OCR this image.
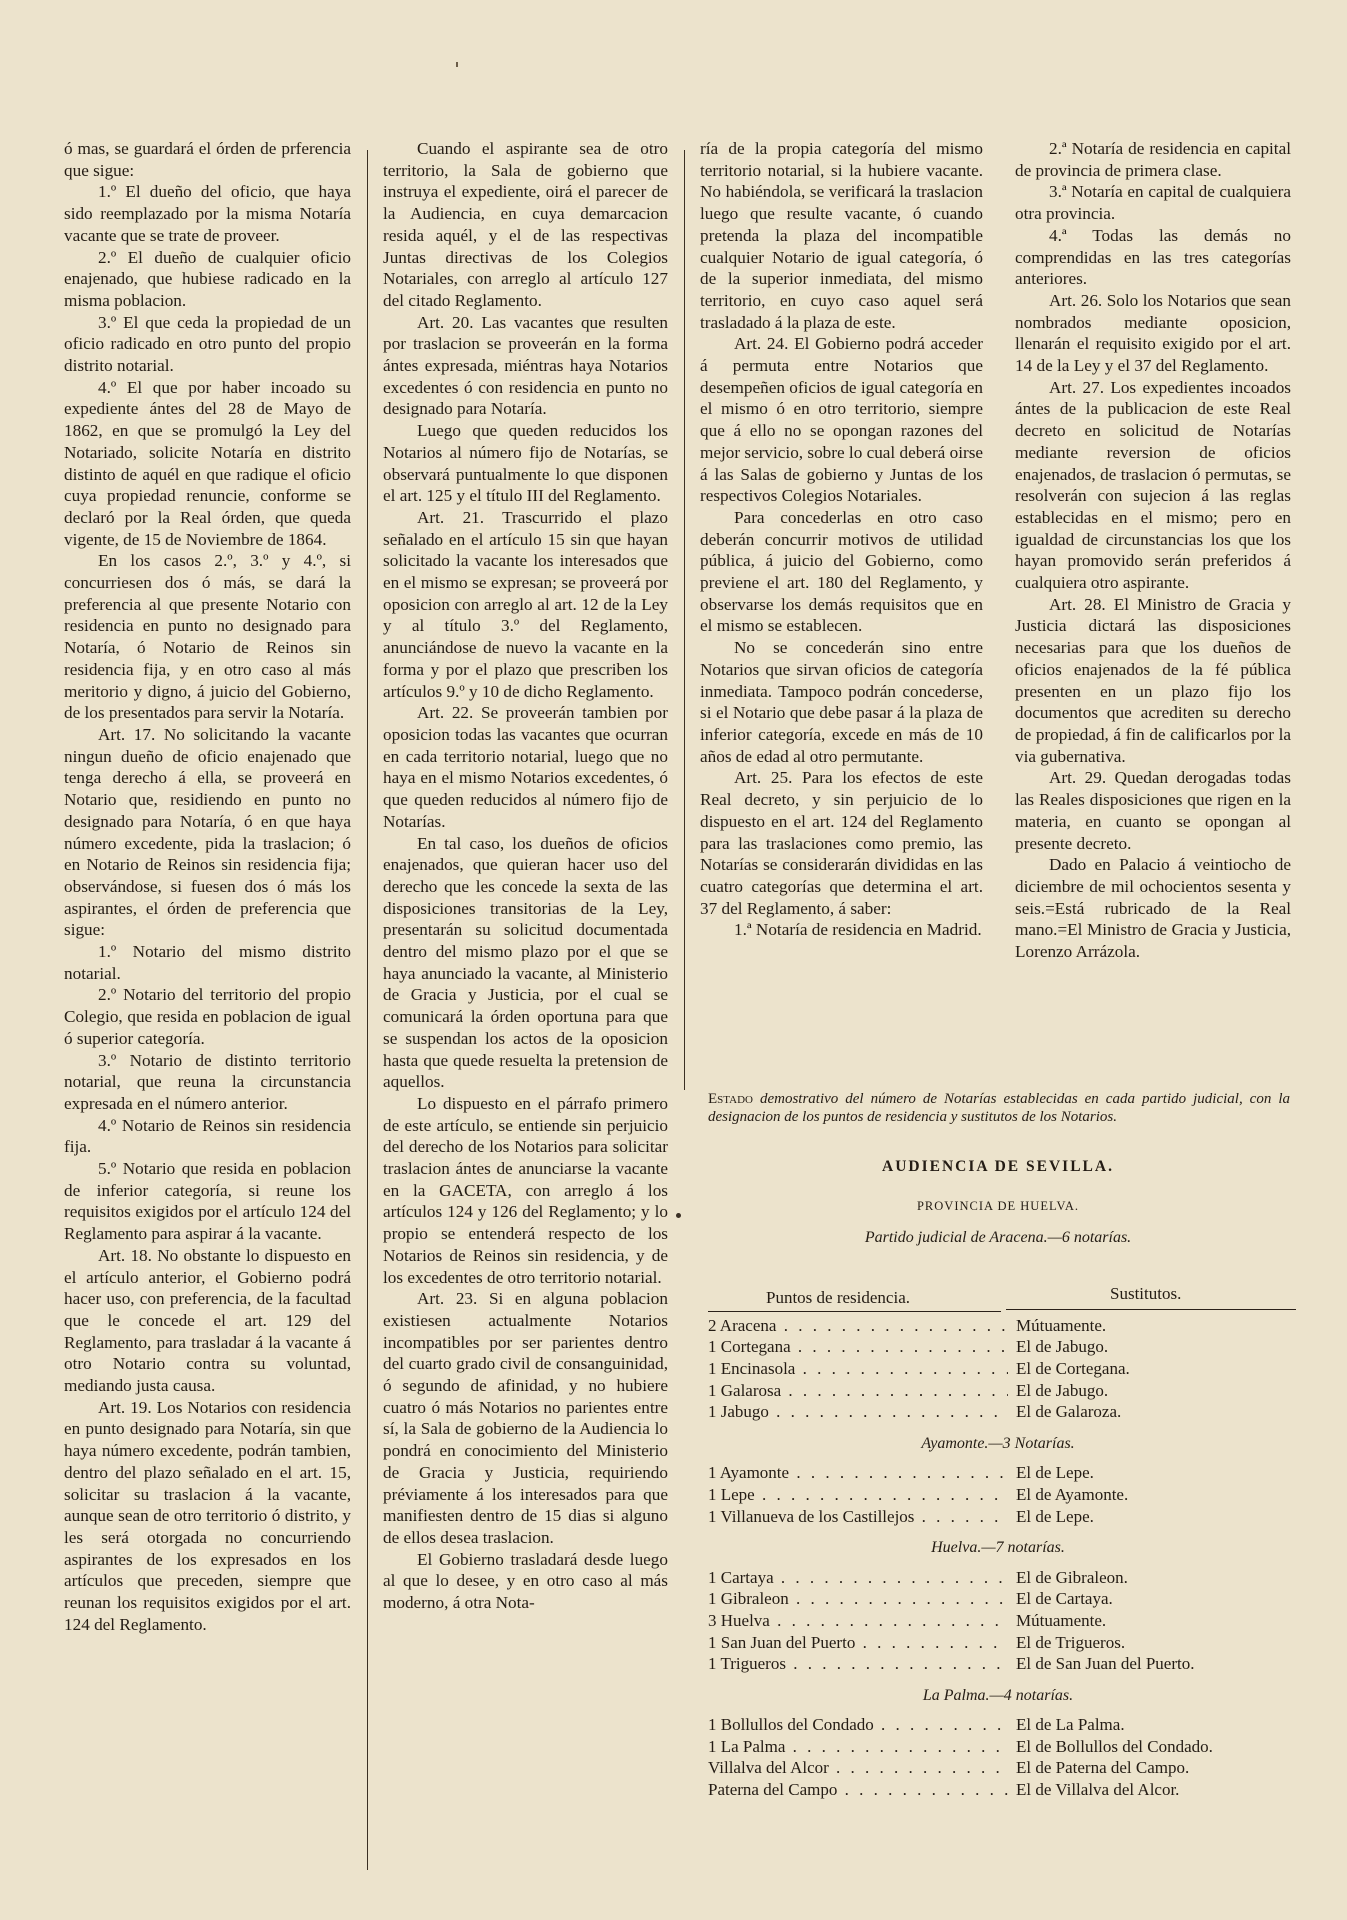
ó mas, se guardará el órden de prferencia que sigue:

1.º El dueño del oficio, que haya sido reemplazado por la misma Notaría vacante que se trate de proveer.

2.º El dueño de cualquier oficio enajenado, que hubiese radicado en la misma poblacion.

3.º El que ceda la propiedad de un oficio radicado en otro punto del propio distrito notarial.

4.º El que por haber incoado su expediente ántes del 28 de Mayo de 1862, en que se promulgó la Ley del Notariado, solicite Notaría en distrito distinto de aquél en que radique el oficio cuya propiedad renuncie, conforme se declaró por la Real órden, que queda vigente, de 15 de Noviembre de 1864.

En los casos 2.º, 3.º y 4.º, si concurriesen dos ó más, se dará la preferencia al que presente Notario con residencia en punto no designado para Notaría, ó Notario de Reinos sin residencia fija, y en otro caso al más meritorio y digno, á juicio del Gobierno, de los presentados para servir la Notaría.

Art. 17. No solicitando la vacante ningun dueño de oficio enajenado que tenga derecho á ella, se proveerá en Notario que, residiendo en punto no designado para Notaría, ó en que haya número excedente, pida la traslacion; ó en Notario de Reinos sin residencia fija; observándose, si fuesen dos ó más los aspirantes, el órden de preferencia que sigue:

1.º Notario del mismo distrito notarial.

2.º Notario del territorio del propio Colegio, que resida en poblacion de igual ó superior categoría.

3.º Notario de distinto territorio notarial, que reuna la circunstancia expresada en el número anterior.

4.º Notario de Reinos sin residencia fija.

5.º Notario que resida en poblacion de inferior categoría, si reune los requisitos exigidos por el artículo 124 del Reglamento para aspirar á la vacante.

Art. 18. No obstante lo dispuesto en el artículo anterior, el Gobierno podrá hacer uso, con preferencia, de la facultad que le concede el art. 129 del Reglamento, para trasladar á la vacante á otro Notario contra su voluntad, mediando justa causa.

Art. 19. Los Notarios con residencia en punto designado para Notaría, sin que haya número excedente, podrán tambien, dentro del plazo señalado en el art. 15, solicitar su traslacion á la vacante, aunque sean de otro territorio ó distrito, y les será otorgada no concurriendo aspirantes de los expresados en los artículos que preceden, siempre que reunan los requisitos exigidos por el art. 124 del Reglamento.

Cuando el aspirante sea de otro territorio, la Sala de gobierno que instruya el expediente, oirá el parecer de la Audiencia, en cuya demarcacion resida aquél, y el de las respectivas Juntas directivas de los Colegios Notariales, con arreglo al artículo 127 del citado Reglamento.

Art. 20. Las vacantes que resulten por traslacion se proveerán en la forma ántes expresada, miéntras haya Notarios excedentes ó con residencia en punto no designado para Notaría.

Luego que queden reducidos los Notarios al número fijo de Notarías, se observará puntualmente lo que disponen el art. 125 y el título III del Reglamento.

Art. 21. Trascurrido el plazo señalado en el artículo 15 sin que hayan solicitado la vacante los interesados que en el mismo se expresan; se proveerá por oposicion con arreglo al art. 12 de la Ley y al título 3.º del Reglamento, anunciándose de nuevo la vacante en la forma y por el plazo que prescriben los artículos 9.º y 10 de dicho Reglamento.

Art. 22. Se proveerán tambien por oposicion todas las vacantes que ocurran en cada territorio notarial, luego que no haya en el mismo Notarios excedentes, ó que queden reducidos al número fijo de Notarías.

En tal caso, los dueños de oficios enajenados, que quieran hacer uso del derecho que les concede la sexta de las disposiciones transitorias de la Ley, presentarán su solicitud documentada dentro del mismo plazo por el que se haya anunciado la vacante, al Ministerio de Gracia y Justicia, por el cual se comunicará la órden oportuna para que se suspendan los actos de la oposicion hasta que quede resuelta la pretension de aquellos.

Lo dispuesto en el párrafo primero de este artículo, se entiende sin perjuicio del derecho de los Notarios para solicitar traslacion ántes de anunciarse la vacante en la GACETA, con arreglo á los artículos 124 y 126 del Reglamento; y lo propio se entenderá respecto de los Notarios de Reinos sin residencia, y de los excedentes de otro territorio notarial.

Art. 23. Si en alguna poblacion existiesen actualmente Notarios incompatibles por ser parientes dentro del cuarto grado civil de consanguinidad, ó segundo de afinidad, y no hubiere cuatro ó más Notarios no parientes entre sí, la Sala de gobierno de la Audiencia lo pondrá en conocimiento del Ministerio de Gracia y Justicia, requiriendo préviamente á los interesados para que manifiesten dentro de 15 dias si alguno de ellos desea traslacion.

El Gobierno trasladará desde luego al que lo desee, y en otro caso al más moderno, á otra Nota-

ría de la propia categoría del mismo territorio notarial, si la hubiere vacante. No habiéndola, se verificará la traslacion luego que resulte vacante, ó cuando pretenda la plaza del incompatible cualquier Notario de igual categoría, ó de la superior inmediata, del mismo territorio, en cuyo caso aquel será trasladado á la plaza de este.

Art. 24. El Gobierno podrá acceder á permuta entre Notarios que desempeñen oficios de igual categoría en el mismo ó en otro territorio, siempre que á ello no se opongan razones del mejor servicio, sobre lo cual deberá oirse á las Salas de gobierno y Juntas de los respectivos Colegios Notariales.

Para concederlas en otro caso deberán concurrir motivos de utilidad pública, á juicio del Gobierno, como previene el art. 180 del Reglamento, y observarse los demás requisitos que en el mismo se establecen.

No se concederán sino entre Notarios que sirvan oficios de categoría inmediata. Tampoco podrán concederse, si el Notario que debe pasar á la plaza de inferior categoría, excede en más de 10 años de edad al otro permutante.

Art. 25. Para los efectos de este Real decreto, y sin perjuicio de lo dispuesto en el art. 124 del Reglamento para las traslaciones como premio, las Notarías se considerarán divididas en las cuatro categorías que determina el art. 37 del Reglamento, á saber:

1.ª Notaría de residencia en Madrid.

2.ª Notaría de residencia en capital de provincia de primera clase.

3.ª Notaría en capital de cualquiera otra provincia.

4.ª Todas las demás no comprendidas en las tres categorías anteriores.

Art. 26. Solo los Notarios que sean nombrados mediante oposicion, llenarán el requisito exigido por el art. 14 de la Ley y el 37 del Reglamento.

Art. 27. Los expedientes incoados ántes de la publicacion de este Real decreto en solicitud de Notarías mediante reversion de oficios enajenados, de traslacion ó permutas, se resolverán con sujecion á las reglas establecidas en el mismo; pero en igualdad de circunstancias los que los hayan promovido serán preferidos á cualquiera otro aspirante.

Art. 28. El Ministro de Gracia y Justicia dictará las disposiciones necesarias para que los dueños de oficios enajenados de la fé pública presenten en un plazo fijo los documentos que acrediten su derecho de propiedad, á fin de calificarlos por la via gubernativa.

Art. 29. Quedan derogadas todas las Reales disposiciones que rigen en la materia, en cuanto se opongan al presente decreto.

Dado en Palacio á veintiocho de diciembre de mil ochocientos sesenta y seis.=Está rubricado de la Real mano.=El Ministro de Gracia y Justicia, Lorenzo Arrázola.

Estado demostrativo del número de Notarías establecidas en cada partido judicial, con la designacion de los puntos de residencia y sustitutos de los Notarios.

AUDIENCIA DE SEVILLA.
PROVINCIA DE HUELVA.
Partido judicial de Aracena.—6 notarías.
Puntos de residencia.	Sustitutos.
2 Aracena . . .	Mútuamente.
1 Cortegana . . .	El de Jabugo.
1 Encinasola . . .	El de Cortegana.
1 Galarosa . . .	El de Jabugo.
1 Jabugo . . .	El de Galaroza.
Ayamonte.—3 Notarías.
1 Ayamonte . . .	El de Lepe.
1 Lepe . . .	El de Ayamonte.
1 Villanueva de los Castillejos . . .	El de Lepe.
Huelva.—7 notarías.
1 Cartaya . . .	El de Gibraleon.
1 Gibraleon . . .	El de Cartaya.
3 Huelva . . .	Mútuamente.
1 San Juan del Puerto . . .	El de Trigueros.
1 Trigueros . . .	El de San Juan del Puerto.
La Palma.—4 notarías.
1 Bollullos del Condado . . .	El de La Palma.
1 La Palma . . .	El de Bollullos del Condado.
Villalva del Alcor . . .	El de Paterna del Campo.
Paterna del Campo . . .	El de Villalva del Alcor.
